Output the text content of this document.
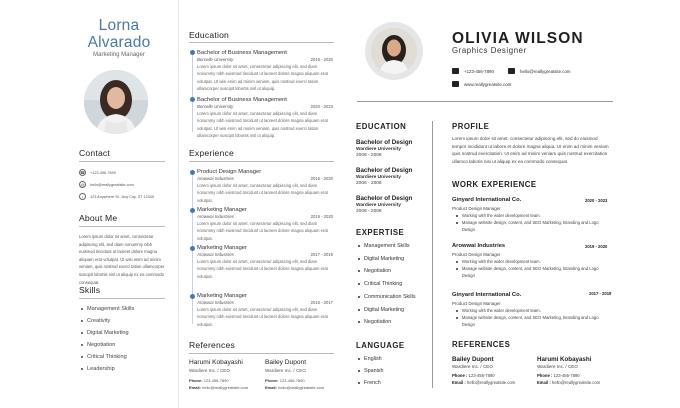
Lorna
Alvarado
Marketing Manager
Contact
☎ +123-456-7890
@	hello@reallygreatsite.com
•	123 Anywhere St., Any City, ST 12345
About Me
Lorem ipsum dolor sit amet, consectetur adipiscing elit, sed diam nonummy nibh euismod tincidunt ut laoreet dolore magna aliquam erat volutpat. Ut wisi enim ad minim veniam, quis nostrud exerci tation ullamcorper suscipit lobortis nisl ut aliquip ex ea commodo consequat.
Skills
Management Skills
Creativity
Digital Marketing
Negotiation
Critical Thinking
Leadership
Education
Bachelor of Business Management
Borcelle University	2016 - 2020
Lorem ipsum dolor sit amet, consectetur adipiscing elit, sed diam nonummy nibh euismod tincidunt ut laoreet dolore magna aliquam erat volutpat. Ut wisi enim ad minim veniam, quis nostrud exerci tation ullamcorper suscipit lobortis nisl ut aliquip.
Bachelor of Business Management
Borcelle University	2020 - 2023
Lorem ipsum dolor sit amet, consectetur adipiscing elit, sed diam nonummy nibh euismod tincidunt ut laoreet dolore magna aliquam erat volutpat. Ut wisi enim ad minim veniam, quis nostrud exerci tation ullamcorper suscipit lobortis nisl ut aliquip.
Experience
Product Design Manager
Arowwai Industries	2016 - 2020
Lorem ipsum dolor sit amet, consectetur adipiscing elit, sed diam nonummy nibh euismod tincidunt ut laoreet dolore magna aliquam erat volutpat.
Marketing Manager
Arowwai Industries	2019 - 2020
Lorem ipsum dolor sit amet, consectetur adipiscing elit, sed diam nonummy nibh euismod tincidunt ut laoreet dolore magna aliquam erat volutpat.
Marketing Manager
Arowwai Industries	2017 - 2019
Lorem ipsum dolor sit amet, consectetur adipiscing elit, sed diam nonummy nibh euismod tincidunt ut laoreet dolore magna aliquam erat volutpat.
Marketing Manager
Arowwai Industries	2016 - 2017
Lorem ipsum dolor sit amet, consectetur adipiscing elit, sed diam nonummy nibh euismod tincidunt ut laoreet dolore magna aliquam erat volutpat.
References
Harumi Kobayashi
Wardiere Inc. / CEO
Phone: 123-456-7890
Email: hello@reallygreatsite.com
Bailey Dupont
Wardiere Inc. / CEO
Phone: 123-456-7890
Email: hello@reallygreatsite.com
OLIVIA WILSON
Graphics Designer
+123-456-7890	hello@reallygreatsite.com
www.reallygreatsite.com
EDUCATION
Bachelor of Design
Wardiere University
2006 - 2008
Bachelor of Design
Wardiere University
2006 - 2008
Bachelor of Design
Wardiere University
2006 - 2008
EXPERTISE
Management Skills
Digital Marketing
Negotiation
Critical Thinking
Communication Skills
Digital Marketing
Negotiation
LANGUAGE
English
Spanish
French
PROFILE
Lorem ipsum dolor sit amet, consectetur adipiscing elit, sed do eiusmod tempor incididunt ut labore et dolore magna aliqua. Ut enim ad minim veniam quis nostrud exercitation. Ut enim ad minim veniam quis nostrud exercitation ullamco laboris nisi ut aliquip ex ea commodo consequat.
WORK EXPERIENCE
Ginyard International Co.	2020 - 2023
Product Design Manager
Working with the wider development team.
Manage website design, content, and SEO Marketing, Branding and Logo Design
Arowwai Industries	2019 - 2020
Product Design Manager
Working with the wider development team.
Manage website design, content, and SEO Marketing, Branding and Logo Design
Ginyard International Co.	2017 - 2019
Product Design Manager
Working with the wider development team.
Manage website design, content, and SEO Marketing, Branding and Logo Design
REFERENCES
Bailey Dupont
Wardiere Inc. / CEO
Phone : 123-456-7890
Email : hello@reallygreatsite.com
Harumi Kobayashi
Wardiere Inc. / CEO
Phone : 123-456-7890
Email : hello@reallygreatsite.com
